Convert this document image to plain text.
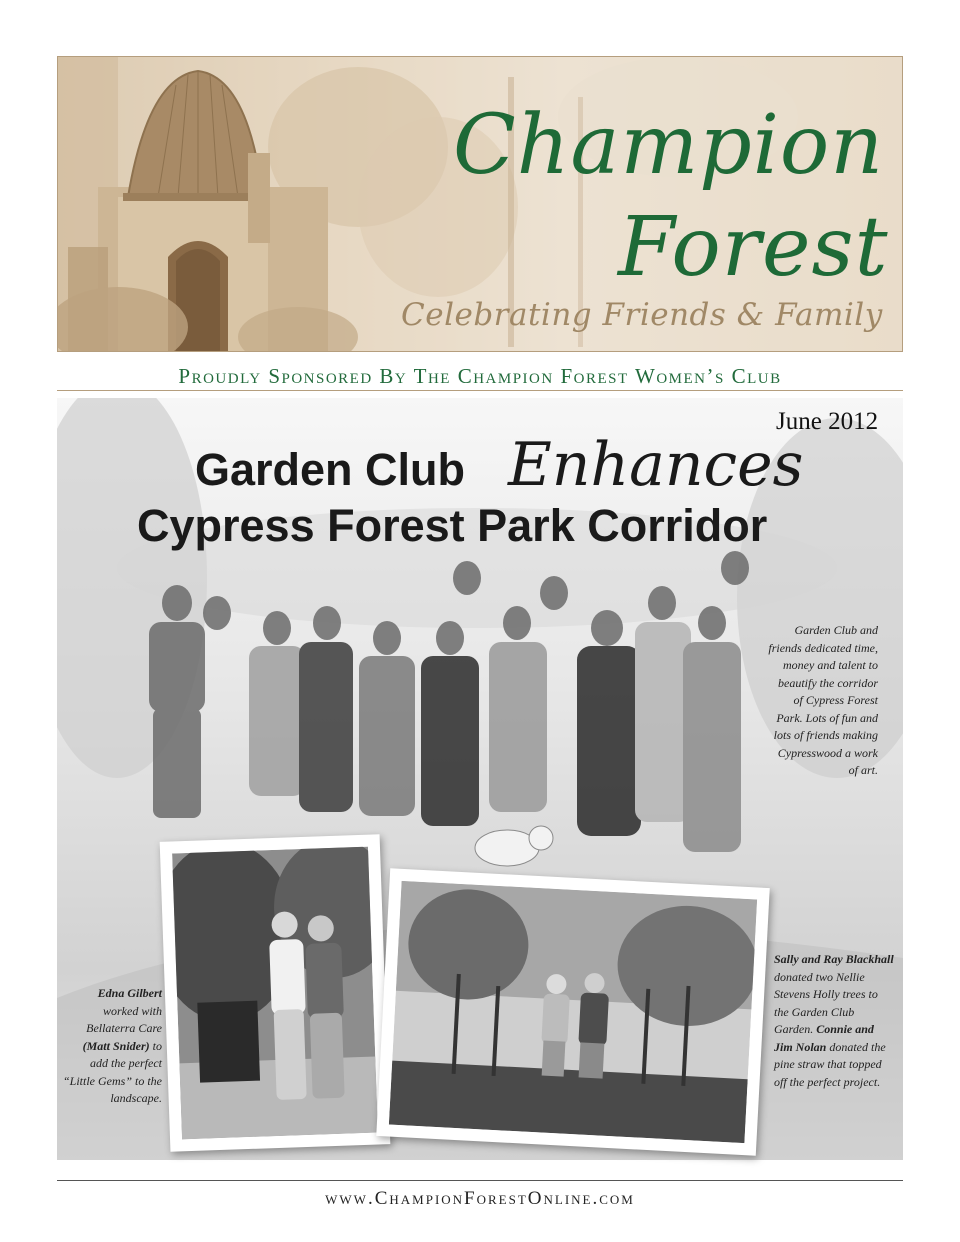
Champion
Forest
Celebrating Friends & Family
Proudly Sponsored By The Champion Forest Women’s Club
June 2012
Garden Club Enhances
Cypress Forest Park Corridor
Garden Club and friends dedicated time, money and talent to beautify the corridor of Cypress Forest Park. Lots of fun and lots of friends making Cypresswood a work of art.
Edna Gilbert worked with Bellaterra Care (Matt Snider) to add the perfect “Little Gems” to the landscape.
Sally and Ray Blackhall donated two Nellie Stevens Holly trees to the Garden Club Garden. Connie and Jim Nolan donated the pine straw that topped off the perfect project.
www.ChampionForestOnline.com
